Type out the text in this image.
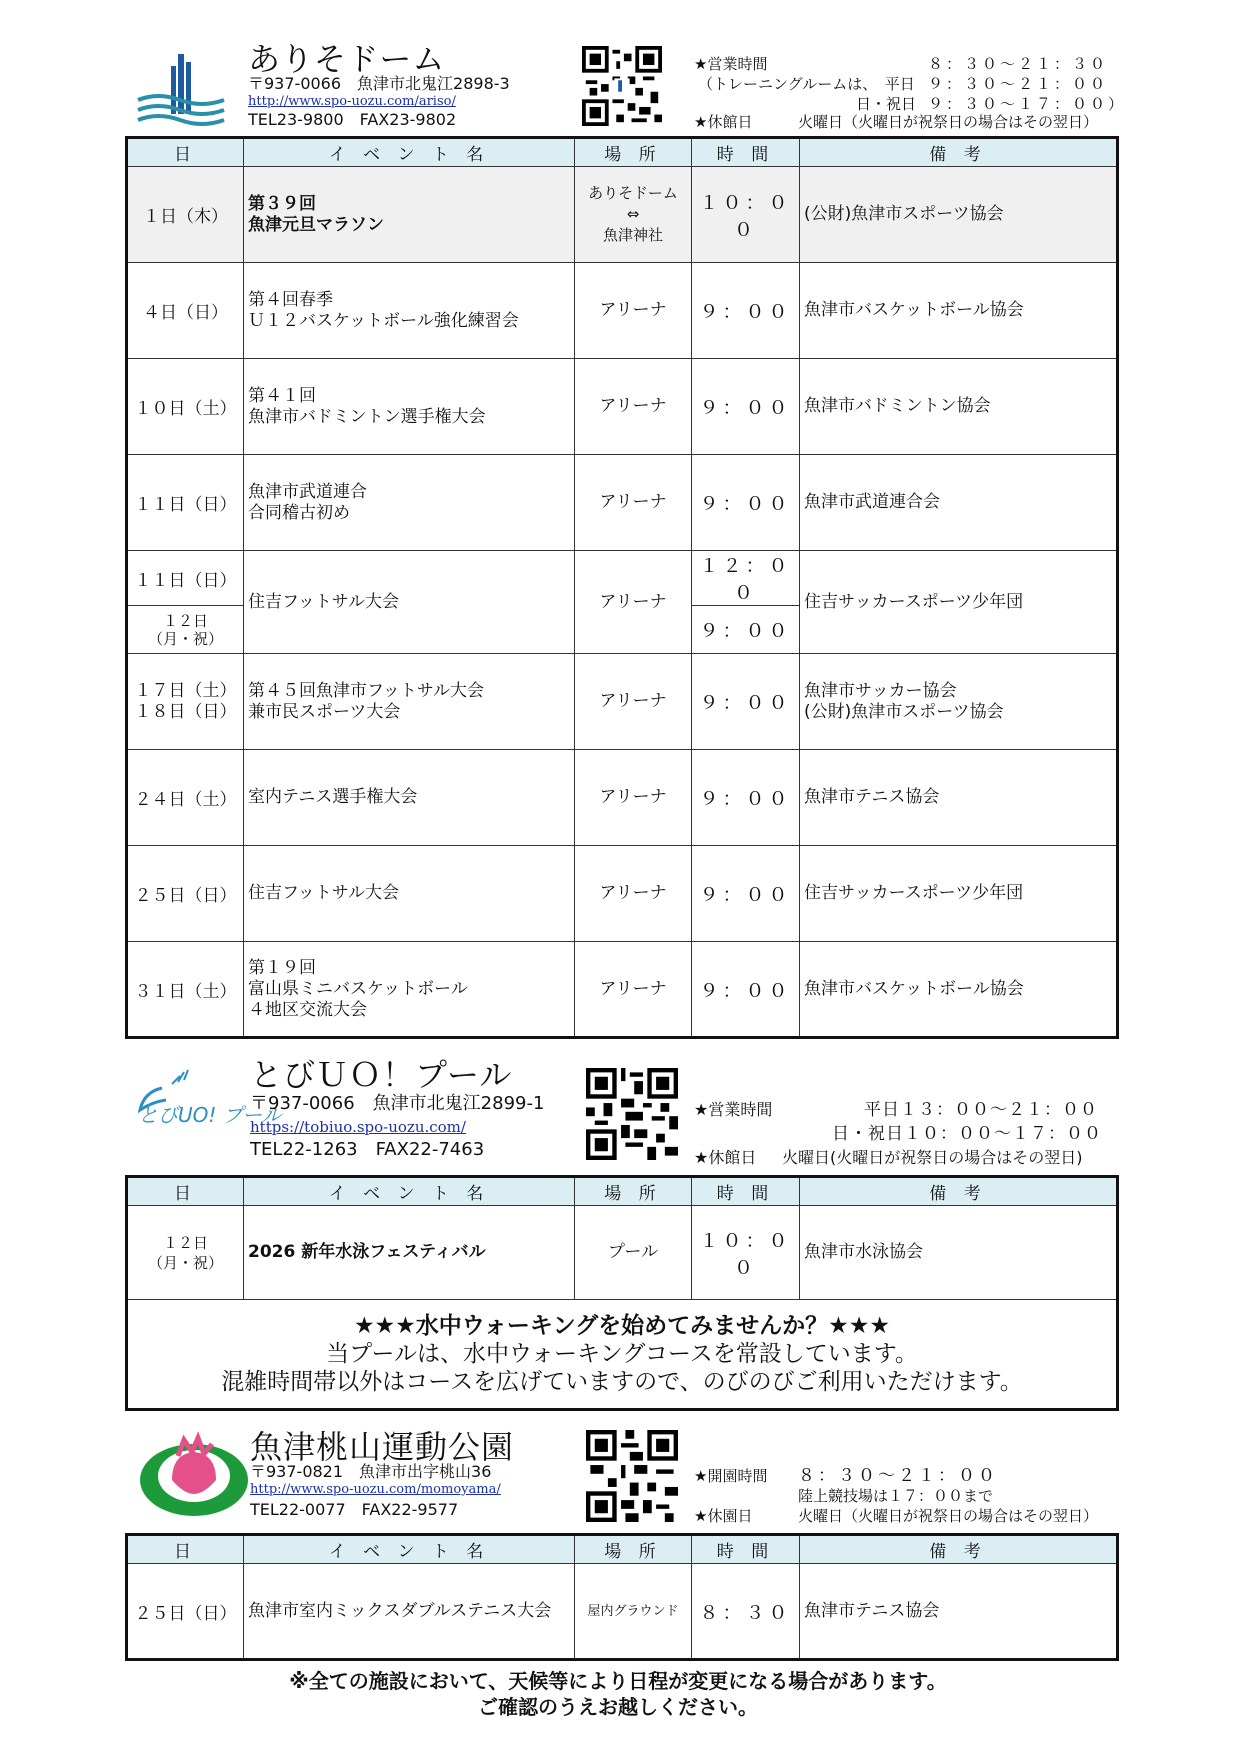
ありそドーム
〒937-0066　魚津市北鬼江2898-3
http://www.spo-uozu.com/ariso/
TEL23-9800　FAX23-9802
★営業時間	８：３０〜２１：３０
（トレーニングルームは、　平日 ９：３０〜２１：００
日・祝日 ９：３０〜１７：００）
★休館日	火曜日（火曜日が祝祭日の場合はその翌日）
日	イ ベ ン ト 名	場 所	時 間	備 考
１日（木）	第３９回
魚津元旦マラソン	ありそドーム
⇔
魚津神社	１０：００	(公財)魚津市スポーツ協会
４日（日）	第４回春季
Ｕ１２バスケットボール強化練習会	アリーナ	９：００	魚津市バスケットボール協会
１０日（土）	第４１回
魚津市バドミントン選手権大会	アリーナ	９：００	魚津市バドミントン協会
１１日（日）	魚津市武道連合
合同稽古初め	アリーナ	９：００	魚津市武道連合会
１１日（日）	住吉フットサル大会	アリーナ	１２：００	住吉サッカースポーツ少年団
１２日
（月・祝）			９：００	
１７日（土）
１８日（日）	第４５回魚津市フットサル大会
兼市民スポーツ大会	アリーナ	９：００	魚津市サッカー協会
(公財)魚津市スポーツ協会
２４日（土）	室内テニス選手権大会	アリーナ	９：００	魚津市テニス協会
２５日（日）	住吉フットサル大会	アリーナ	９：００	住吉サッカースポーツ少年団
３１日（土）	第１９回
富山県ミニバスケットボール
４地区交流大会	アリーナ	９：００	魚津市バスケットボール協会
とびUO! プール
とびＵＯ！プール
〒937-0066　魚津市北鬼江2899-1
https://tobiuo.spo-uozu.com/
TEL22-1263　FAX22-7463
★営業時間	平日１３：００〜２１：００
日・祝日１０：００〜１７：００
★休館日 火曜日(火曜日が祝祭日の場合はその翌日)
日	イ ベ ン ト 名	場 所	時 間	備 考
１２日
（月・祝）	2026 新年水泳フェスティバル	プール	１０：００	魚津市水泳協会

★★★水中ウォーキングを始めてみませんか？★★★
当プールは、水中ウォーキングコースを常設しています。
混雑時間帯以外はコースを広げていますので、のびのびご利用いただけます。				
魚津桃山運動公園
〒937-0821　魚津市出字桃山36
http://www.spo-uozu.com/momoyama/
TEL22-0077　FAX22-9577
★開園時間 ８：３０〜２１：００
陸上競技場は１７：００まで
★休園日	火曜日（火曜日が祝祭日の場合はその翌日）
日	イ ベ ン ト 名	場 所	時 間	備 考
２５日（日）	魚津市室内ミックスダブルステニス大会	屋内グラウンド	８：３０	魚津市テニス協会
※全ての施設において、天候等により日程が変更になる場合があります。
ご確認のうえお越しください。
